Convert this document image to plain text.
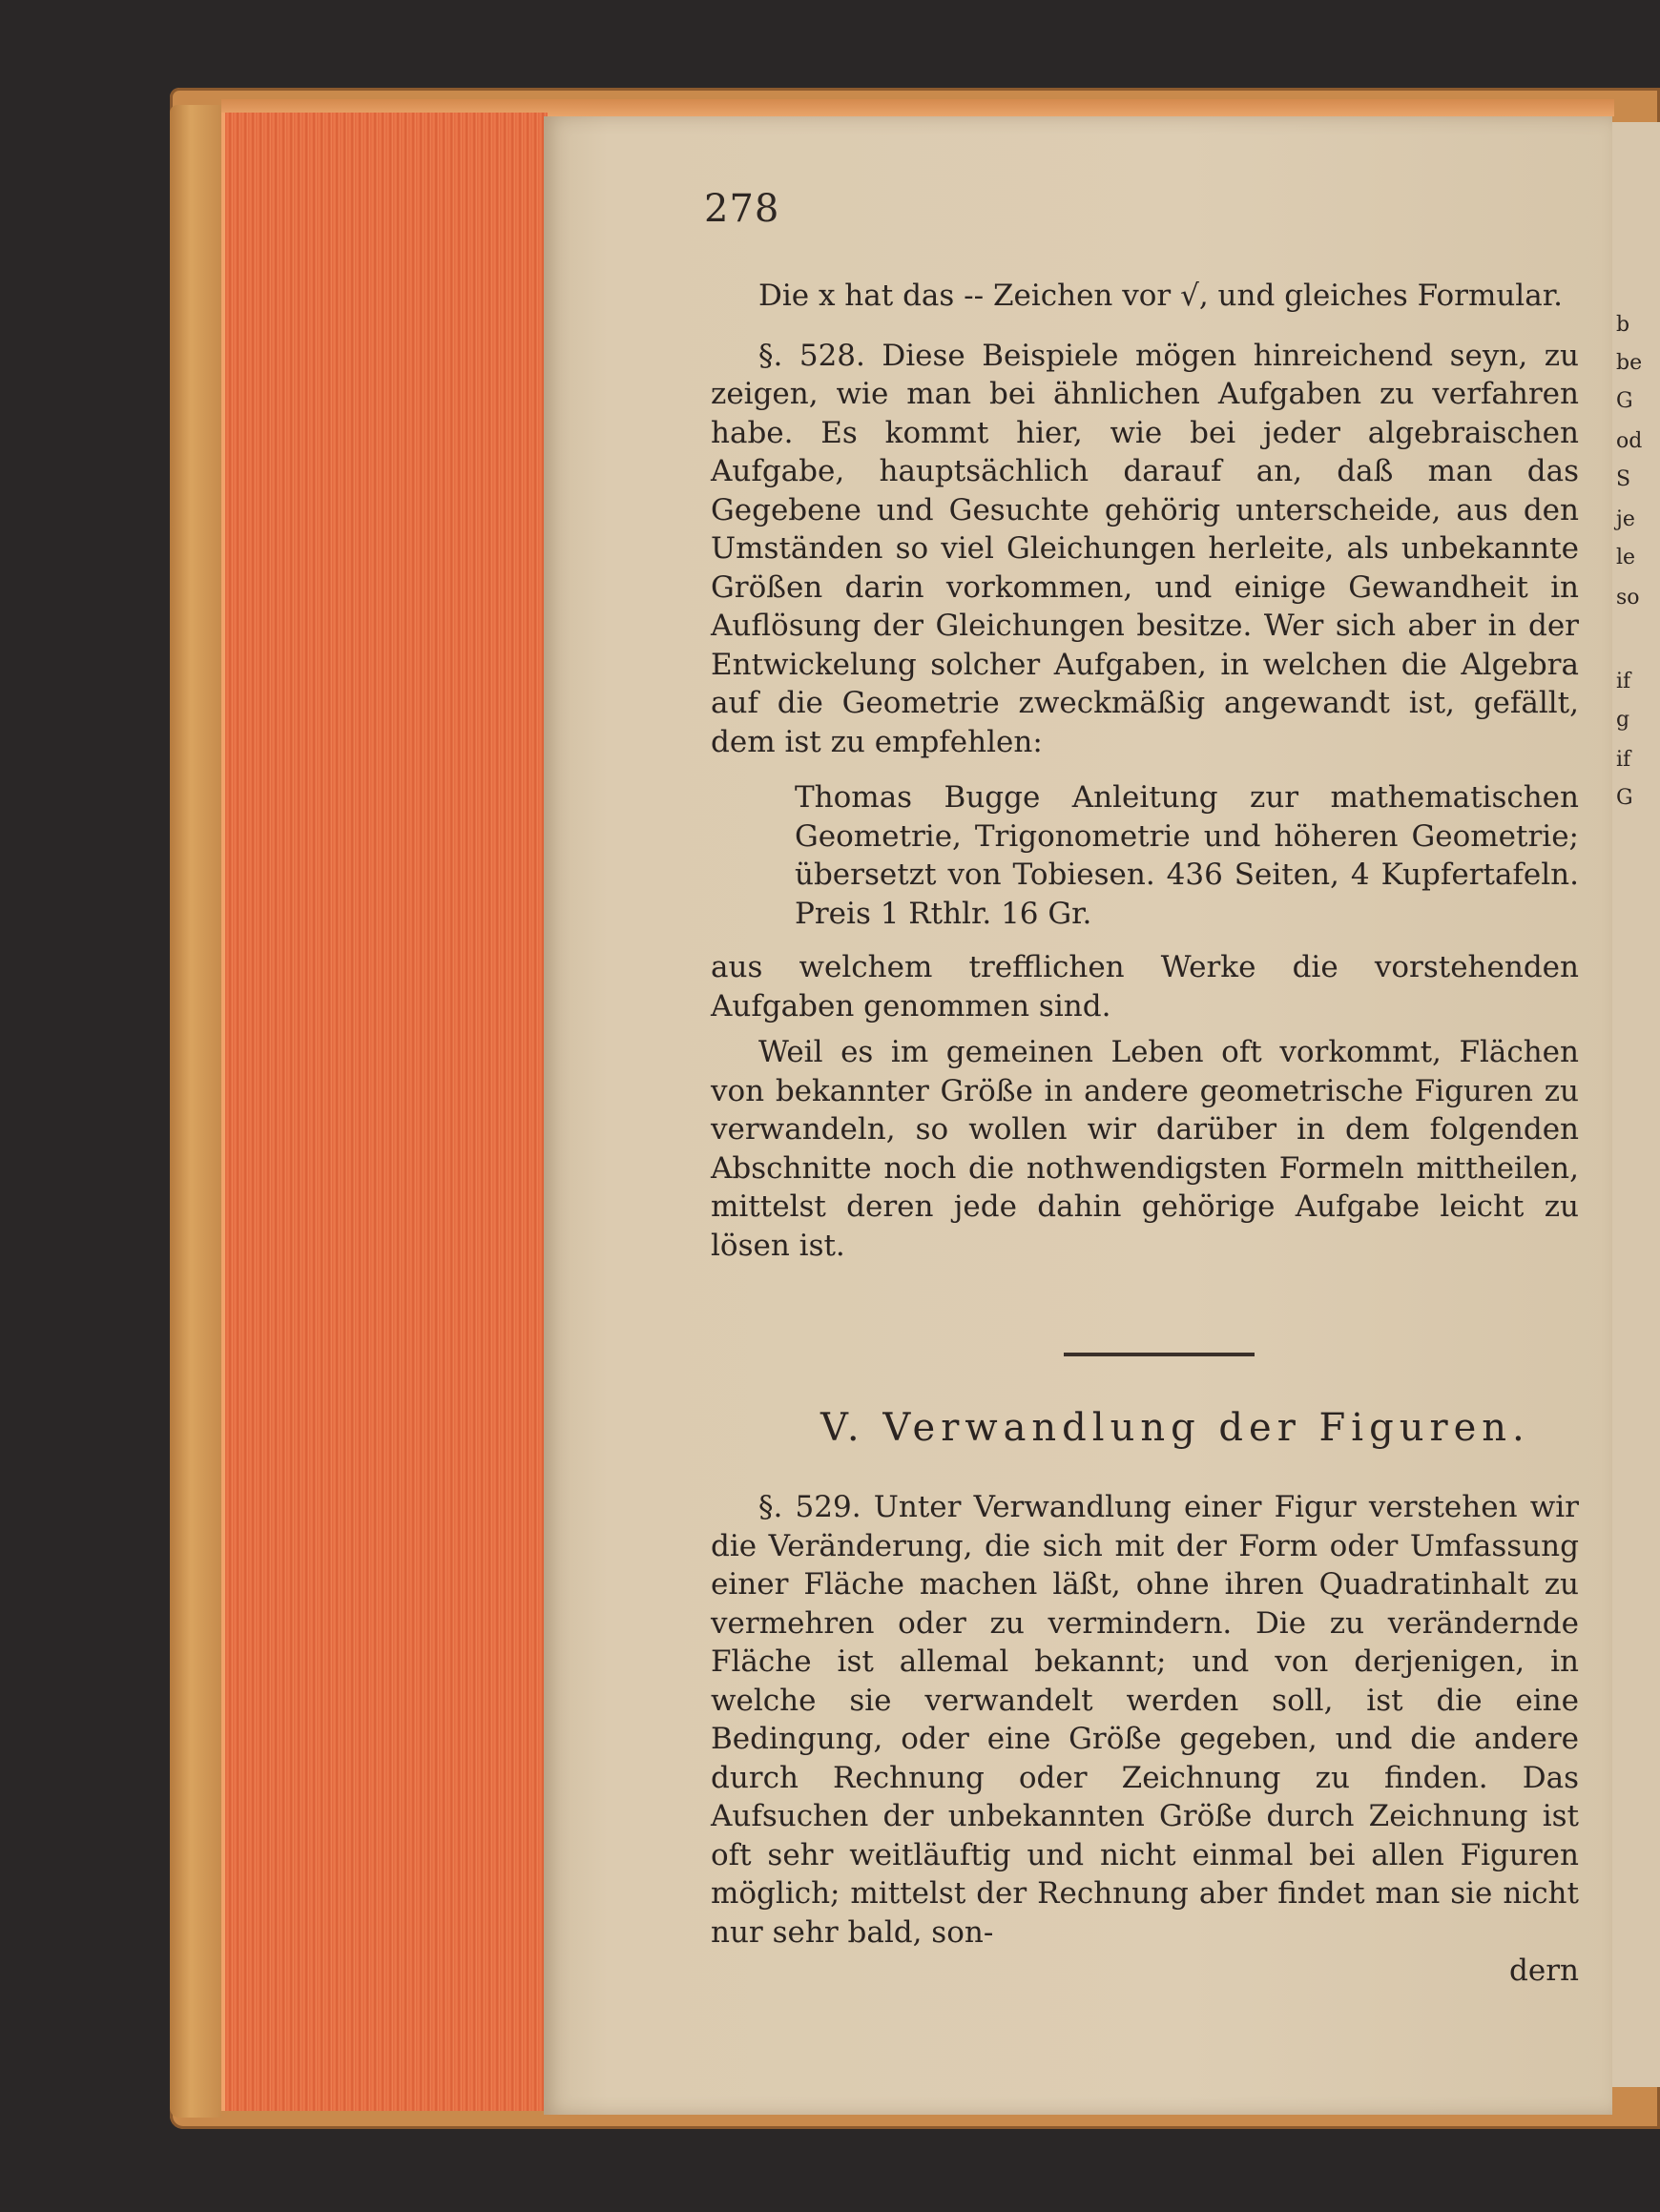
b
be
G
od
S
je
le
so
if
g
if
G
278

Die x hat das -- Zeichen vor √, und gleiches Formular.

§. 528. Diese Beispiele mögen hinreichend seyn, zu zeigen, wie man bei ähnlichen Aufgaben zu verfahren habe. Es kommt hier, wie bei jeder algebraischen Aufgabe, hauptsächlich darauf an, daß man das Gegebene und Gesuchte gehörig unterscheide, aus den Umständen so viel Gleichungen herleite, als unbekannte Größen darin vorkommen, und einige Gewandheit in Auflösung der Gleichungen besitze. Wer sich aber in der Entwickelung solcher Aufgaben, in welchen die Algebra auf die Geometrie zweckmäßig angewandt ist, gefällt, dem ist zu empfehlen:

Thomas Bugge Anleitung zur mathematischen Geometrie, Trigonometrie und höheren Geometrie; übersetzt von Tobiesen. 436 Seiten, 4 Kupfertafeln. Preis 1 Rthlr. 16 Gr.

aus welchem trefflichen Werke die vorstehenden Aufgaben genommen sind.

Weil es im gemeinen Leben oft vorkommt, Flächen von bekannter Größe in andere geometrische Figuren zu verwandeln, so wollen wir darüber in dem folgenden Abschnitte noch die nothwendigsten Formeln mittheilen, mittelst deren jede dahin gehörige Aufgabe leicht zu lösen ist.

V. Verwandlung der Figuren.

§. 529. Unter Verwandlung einer Figur verstehen wir die Veränderung, die sich mit der Form oder Umfassung einer Fläche machen läßt, ohne ihren Quadratinhalt zu vermehren oder zu vermindern. Die zu verändernde Fläche ist allemal bekannt; und von derjenigen, in welche sie verwandelt werden soll, ist die eine Bedingung, oder eine Größe gegeben, und die andere durch Rechnung oder Zeichnung zu finden. Das Aufsuchen der unbekannten Größe durch Zeichnung ist oft sehr weitläuftig und nicht einmal bei allen Figuren möglich; mittelst der Rechnung aber findet man sie nicht nur sehr bald, son-

dern
